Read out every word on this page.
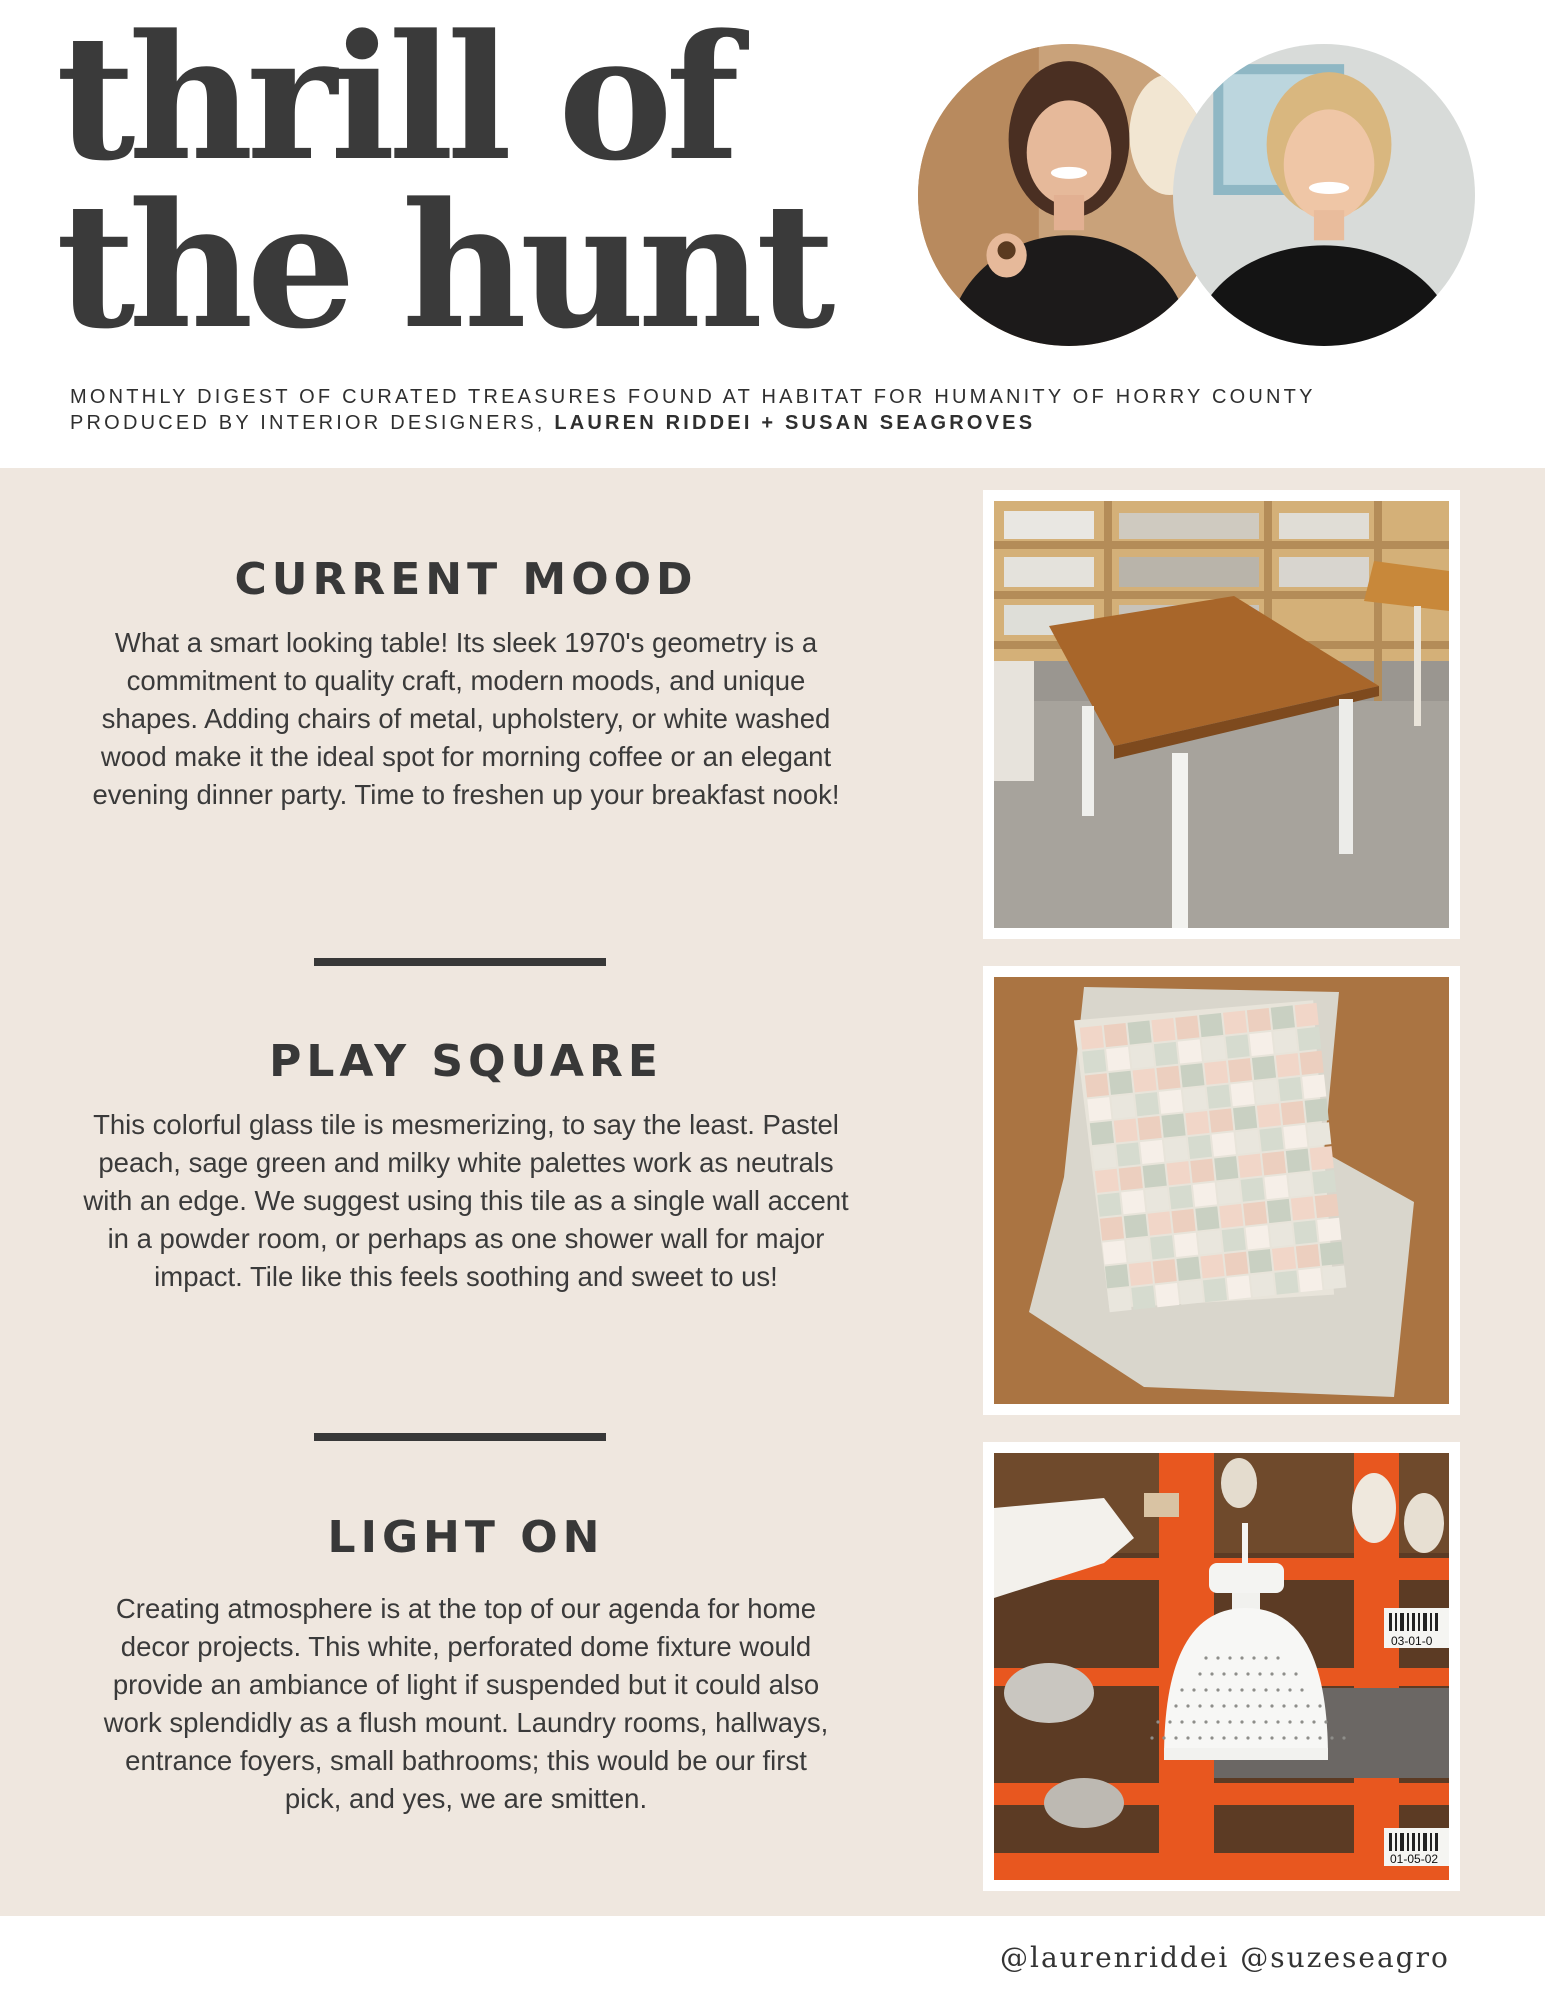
thrill of
the hunt
MONTHLY DIGEST OF CURATED TREASURES FOUND AT HABITAT FOR HUMANITY OF HORRY COUNTY
PRODUCED BY INTERIOR DESIGNERS, LAUREN RIDDEI + SUSAN SEAGROVES
CURRENT MOOD
What a smart looking table! Its sleek 1970's geometry is a
commitment to quality craft, modern moods, and unique
shapes. Adding chairs of metal, upholstery, or white washed
wood make it the ideal spot for morning coffee or an elegant
evening dinner party. Time to freshen up your breakfast nook!
PLAY SQUARE
This colorful glass tile is mesmerizing, to say the least. Pastel
peach, sage green and milky white palettes work as neutrals
with an edge. We suggest using this tile as a single wall accent
in a powder room, or perhaps as one shower wall for major
impact. Tile like this feels soothing and sweet to us!
LIGHT ON
Creating atmosphere is at the top of our agenda for home
decor projects. This white, perforated dome fixture would
provide an ambiance of light if suspended but it could also
work splendidly as a flush mount. Laundry rooms, hallways,
entrance foyers, small bathrooms; this would be our first
pick, and yes, we are smitten.
03-01-0
01-05-02
@laurenriddei @suzeseagro
